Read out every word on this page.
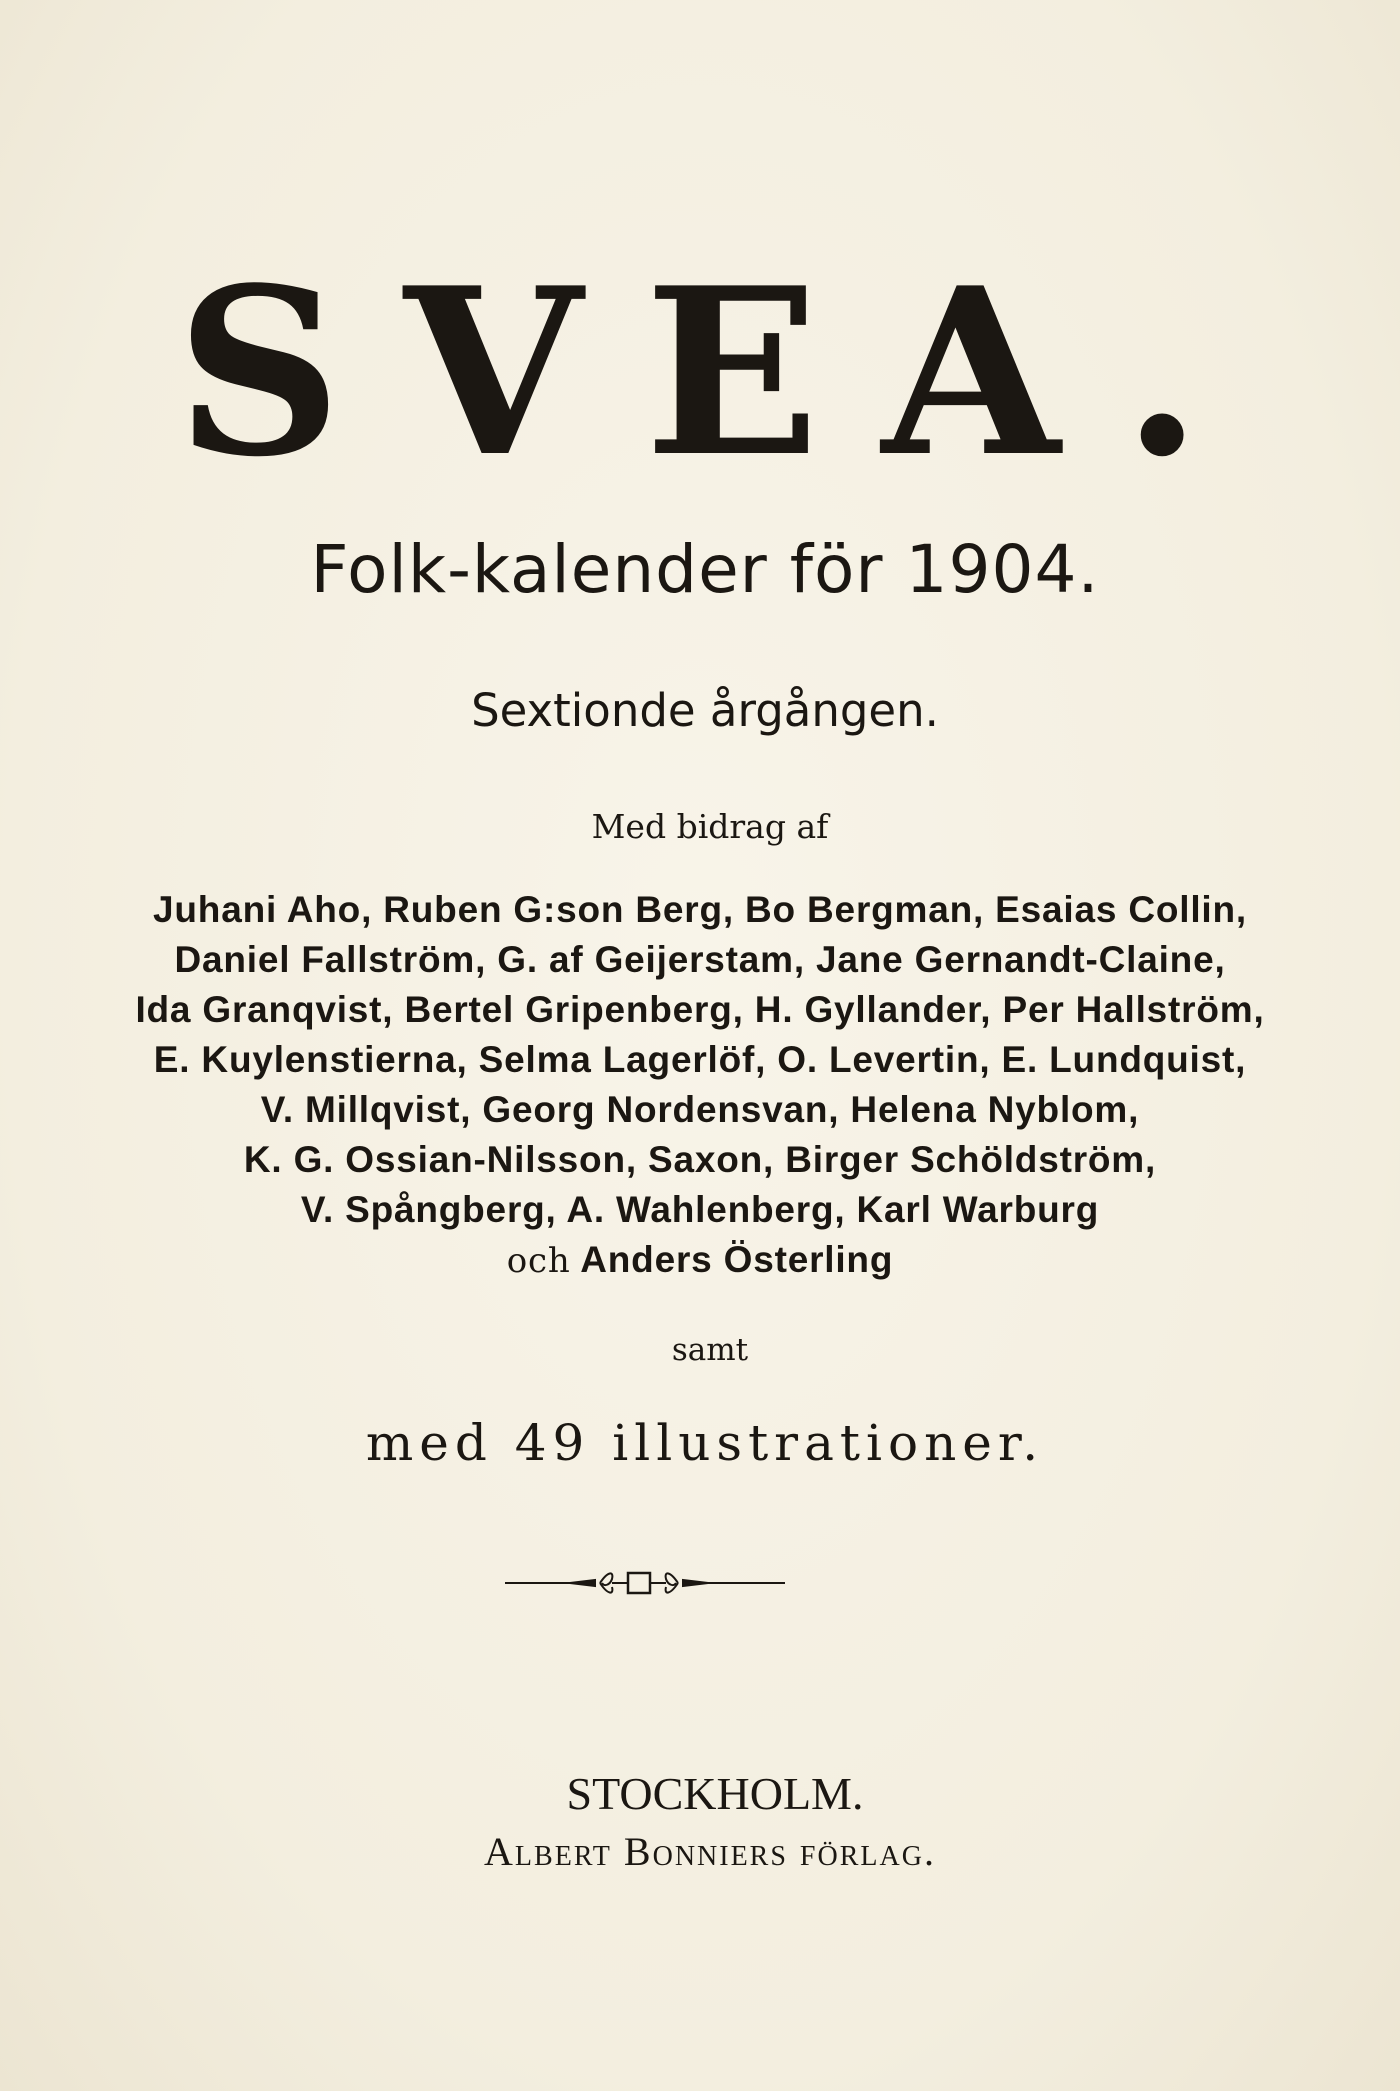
SVEA.
Folk-kalender för 1904.
Sextionde årgången.
Med bidrag af
Juhani Aho, Ruben G:son Berg, Bo Bergman, Esaias Collin,
Daniel Fallström, G. af Geijerstam, Jane Gernandt-Claine,
Ida Granqvist, Bertel Gripenberg, H. Gyllander, Per Hallström,
E. Kuylenstierna, Selma Lagerlöf, O. Levertin, E. Lundquist,
V. Millqvist, Georg Nordensvan, Helena Nyblom,
K. G. Ossian-Nilsson, Saxon, Birger Schöldström,
V. Spångberg, A. Wahlenberg, Karl Warburg
och Anders Österling
samt
med 49 illustrationer.
STOCKHOLM.
Albert Bonniers förlag.
